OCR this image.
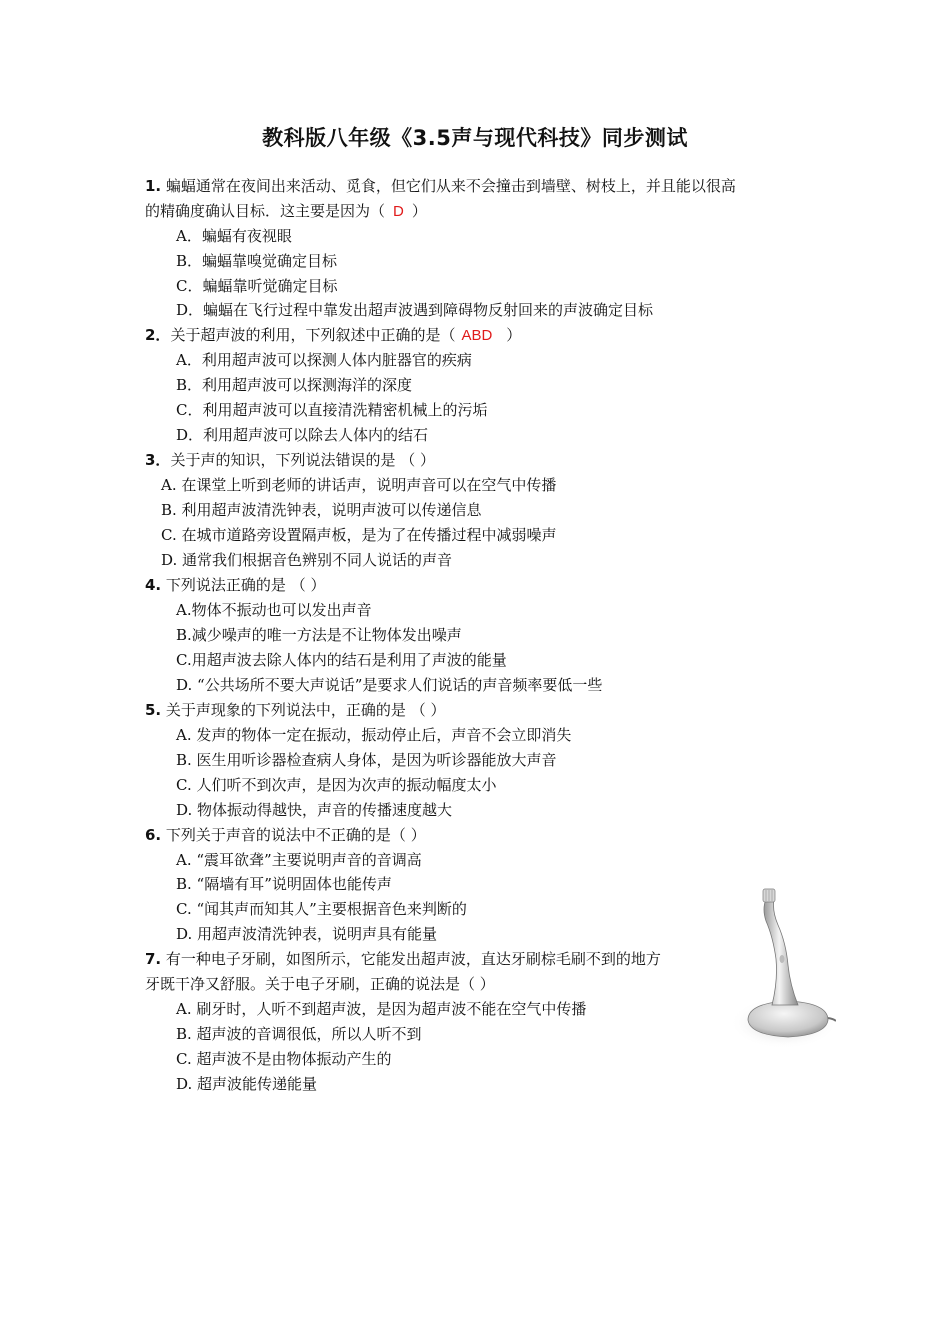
教科版八年级《3.5声与现代科技》同步测试
1. 蝙蝠通常在夜间出来活动、觅食，但它们从来不会撞击到墙壁、树枝上，并且能以很高
的精确度确认目标．这主要是因为（ D ）
A．蝙蝠有夜视眼
B．蝙蝠靠嗅觉确定目标
C．蝙蝠靠听觉确定目标
D．蝙蝠在飞行过程中靠发出超声波遇到障碍物反射回来的声波确定目标
2．关于超声波的利用，下列叙述中正确的是（ ABD ）
A．利用超声波可以探测人体内脏器官的疾病
B．利用超声波可以探测海洋的深度
C．利用超声波可以直接清洗精密机械上的污垢
D．利用超声波可以除去人体内的结石
3．关于声的知识，下列说法错误的是 （ ）
A. 在课堂上听到老师的讲话声，说明声音可以在空气中传播
B. 利用超声波清洗钟表，说明声波可以传递信息
C. 在城市道路旁设置隔声板，是为了在传播过程中减弱噪声
D. 通常我们根据音色辨别不同人说话的声音
4. 下列说法正确的是 （ ）
A.物体不振动也可以发出声音
B.减少噪声的唯一方法是不让物体发出噪声
C.用超声波去除人体内的结石是利用了声波的能量
D. “公共场所不要大声说话”是要求人们说话的声音频率要低一些
5. 关于声现象的下列说法中，正确的是 （ ）
A. 发声的物体一定在振动，振动停止后，声音不会立即消失
B. 医生用听诊器检查病人身体，是因为听诊器能放大声音
C. 人们听不到次声，是因为次声的振动幅度太小
D. 物体振动得越快，声音的传播速度越大
6. 下列关于声音的说法中不正确的是（ ）
A. “震耳欲聋”主要说明声音的音调高
B. “隔墙有耳”说明固体也能传声
C. “闻其声而知其人”主要根据音色来判断的
D. 用超声波清洗钟表，说明声具有能量
7. 有一种电子牙刷，如图所示，它能发出超声波，直达牙刷棕毛刷不到的地方
牙既干净又舒服。关于电子牙刷，正确的说法是（ ）
A. 刷牙时，人听不到超声波，是因为超声波不能在空气中传播
B. 超声波的音调很低，所以人听不到
C. 超声波不是由物体振动产生的
D. 超声波能传递能量
